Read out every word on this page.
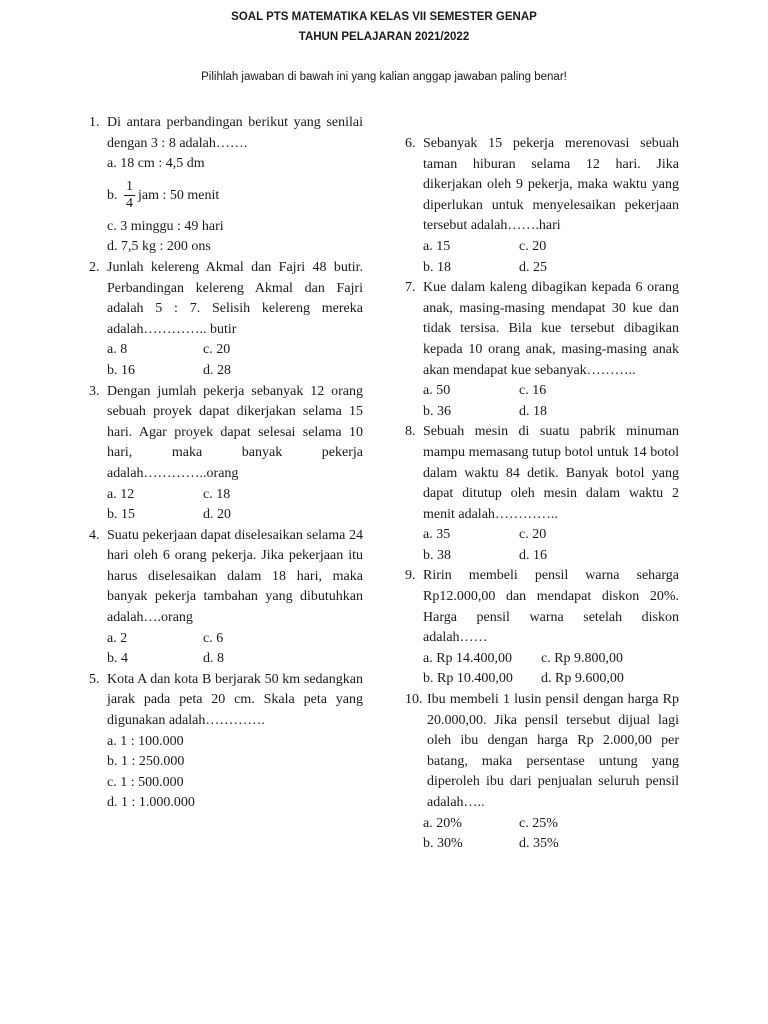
SOAL PTS MATEMATIKA KELAS VII SEMESTER GENAP
TAHUN PELAJARAN 2021/2022
Pilihlah jawaban di bawah ini yang kalian anggap jawaban paling benar!
1. Di antara perbandingan berikut yang senilai dengan 3 : 8 adalah…….
a. 18 cm : 4,5 dm
b. $\frac{1}{4}$ jam : 50 menit
c. 3 minggu : 49 hari
d. 7,5 kg : 200 ons
2. Junlah kelereng Akmal dan Fajri 48 butir. Perbandingan kelereng Akmal dan Fajri adalah 5 : 7. Selisih kelereng mereka adalah………….. butir
a. 8	c. 20
b. 16	d. 28
3. Dengan jumlah pekerja sebanyak 12 orang sebuah proyek dapat dikerjakan selama 15 hari. Agar proyek dapat selesai selama 10 hari, maka banyak pekerja adalah…………..orang
a. 12	c. 18
b. 15	d. 20
4. Suatu pekerjaan dapat diselesaikan selama 24 hari oleh 6 orang pekerja. Jika pekerjaan itu harus diselesaikan dalam 18 hari, maka banyak pekerja tambahan yang dibutuhkan adalah….orang
a. 2	c. 6
b. 4	d. 8
5. Kota A dan kota B berjarak 50 km sedangkan jarak pada peta 20 cm. Skala peta yang digunakan adalah………….
a. 1 : 100.000
b. 1 : 250.000
c. 1 : 500.000
d. 1 : 1.000.000
6. Sebanyak 15 pekerja merenovasi sebuah taman hiburan selama 12 hari. Jika dikerjakan oleh 9 pekerja, maka waktu yang diperlukan untuk menyelesaikan pekerjaan tersebut adalah…….hari
a. 15	c. 20
b. 18	d. 25
7. Kue dalam kaleng dibagikan kepada 6 orang anak, masing-masing mendapat 30 kue dan tidak tersisa. Bila kue tersebut dibagikan kepada 10 orang anak, masing-masing anak akan mendapat kue sebanyak………..
a. 50	c. 16
b. 36	d. 18
8. Sebuah mesin di suatu pabrik minuman mampu memasang tutup botol untuk 14 botol dalam waktu 84 detik. Banyak botol yang dapat ditutup oleh mesin dalam waktu 2 menit adalah…………..
a. 35	c. 20
b. 38	d. 16
9. Ririn membeli pensil warna seharga Rp12.000,00 dan mendapat diskon 20%. Harga pensil warna setelah diskon adalah……
a. Rp 14.400,00	c. Rp 9.800,00
b. Rp 10.400,00	d. Rp 9.600,00
10. Ibu membeli 1 lusin pensil dengan harga Rp 20.000,00. Jika pensil tersebut dijual lagi oleh ibu dengan harga Rp 2.000,00 per batang, maka persentase untung yang diperoleh ibu dari penjualan seluruh pensil adalah…..
a. 20%	c. 25%
b. 30%	d. 35%
